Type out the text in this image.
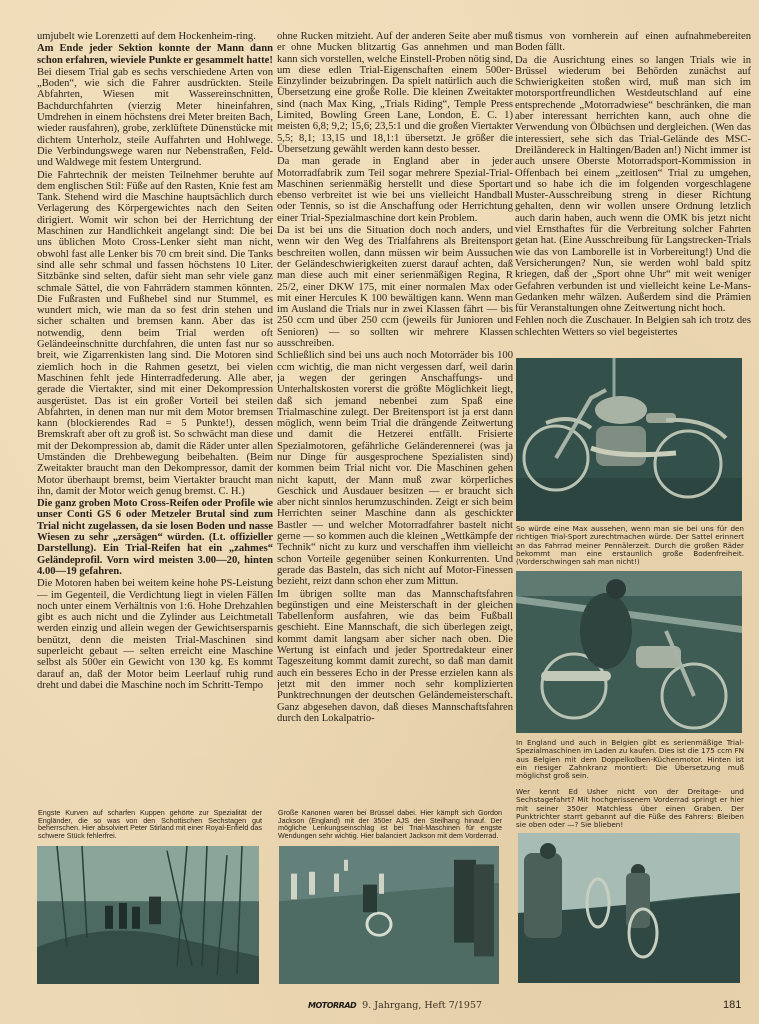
umjubelt wie Lorenzetti auf dem Hockenheim-ring.

Am Ende jeder Sektion konnte der Mann dann schon erfahren, wieviele Punkte er gesammelt hatte!

Bei diesem Trial gab es sechs verschiedene Arten von „Boden“, wie sich die Fahrer ausdrückten. Steile Abfahrten, Wiesen mit Wassereinschnitten, Bachdurchfahrten (vierzig Meter hineinfahren, Umdrehen in einem höchstens drei Meter breiten Bach, wieder rausfahren), grobe, zerklüftete Dünenstücke mit dichtem Unterholz, steile Auffahrten und Hohlwege. Die Verbindungswege waren nur Nebenstraßen, Feld- und Waldwege mit festem Untergrund.

Die Fahrtechnik der meisten Teilnehmer beruhte auf dem englischen Stil: Füße auf den Rasten, Knie fest am Tank. Stehend wird die Maschine hauptsächlich durch Verlagerung des Körpergewichtes nach den Seiten dirigiert. Womit wir schon bei der Herrichtung der Maschinen zur Handlichkeit angelangt sind: Die bei uns üblichen Moto Cross-Lenker sieht man nicht, obwohl fast alle Lenker bis 70 cm breit sind. Die Tanks sind alle sehr schmal und fassen höchstens 10 Liter. Sitzbänke sind selten, dafür sieht man sehr viele ganz schmale Sättel, die von Fahrrädern stammen könnten. Die Fußrasten und Fußhebel sind nur Stummel, es wundert mich, wie man da so fest drin stehen und sicher schalten und bremsen kann. Aber das ist notwendig, denn beim Trial werden oft Geländeeinschnitte durchfahren, die unten fast nur so breit, wie Zigarrenkisten lang sind. Die Motoren sind ziemlich hoch in die Rahmen gesetzt, bei vielen Maschinen fehlt jede Hinterradfederung. Alle aber, gerade die Viertakter, sind mit einer Dekompression ausgerüstet. Das ist ein großer Vorteil bei steilen Abfahrten, in denen man nur mit dem Motor bremsen kann (blockierendes Rad = 5 Punkte!), dessen Bremskraft aber oft zu groß ist. So schwächt man diese mit der Dekompression ab, damit die Räder unter allen Umständen die Drehbewegung beibehalten. (Beim Zweitakter braucht man den Dekompressor, damit der Motor überhaupt bremst, beim Viertakter braucht man ihn, damit der Motor weich genug bremst. C. H.)

Die ganz groben Moto Cross-Reifen oder Profile wie unser Conti GS 6 oder Metzeler Brutal sind zum Trial nicht zugelassen, da sie losen Boden und nasse Wiesen zu sehr „zersägen“ würden. (Lt. offizieller Darstellung). Ein Trial-Reifen hat ein „zahmes“ Geländeprofil. Vorn wird meisten 3.00—20, hinten 4.00—19 gefahren.

Die Motoren haben bei weitem keine hohe PS-Leistung — im Gegenteil, die Verdichtung liegt in vielen Fällen noch unter einem Verhältnis von 1:6. Hohe Drehzahlen gibt es auch nicht und die Zylinder aus Leichtmetall werden einzig und allein wegen der Gewichtsersparnis benützt, denn die meisten Trial-Maschinen sind superleicht gebaut — selten erreicht eine Maschine selbst als 500er ein Gewicht von 130 kg. Es kommt darauf an, daß der Motor beim Leerlauf ruhig rund dreht und dabei die Maschine noch im Schritt-Tempo

ohne Rucken mitzieht. Auf der anderen Seite aber muß er ohne Mucken blitzartig Gas annehmen und man kann sich vorstellen, welche Einstell-Proben nötig sind, um diese edlen Trial-Eigenschaften einem 500er-Einzylinder beizubringen. Da spielt natürlich auch die Übersetzung eine große Rolle. Die kleinen Zweitakter sind (nach Max King, „Trials Riding“, Temple Press Limited, Bowling Green Lane, London, E. C. 1) meisten 6,8; 9,2; 15,6; 23,5:1 und die großen Viertakter 5,5; 8,1; 13,15 und 18,1:1 übersetzt. Je größer die Übersetzung gewählt werden kann desto besser.

Da man gerade in England aber in jeder Motorradfabrik zum Teil sogar mehrere Spezial-Trial-Maschinen serienmäßig herstellt und diese Sportart ebenso verbreitet ist wie bei uns vielleicht Handball oder Tennis, so ist die Anschaffung oder Herrichtung einer Trial-Spezialmaschine dort kein Problem.

Da ist bei uns die Situation doch noch anders, und wenn wir den Weg des Trialfahrens als Breitensport beschreiten wollen, dann müssen wir beim Aussuchen der Geländeschwierigkeiten zuerst darauf achten, daß man diese auch mit einer serienmäßigen Regina, R 25/2, einer DKW 175, mit einer normalen Max oder mit einer Hercules K 100 bewältigen kann. Wenn man im Ausland die Trials nur in zwei Klassen fährt — bis 250 ccm und über 250 ccm (jeweils für Junioren und Senioren) — so sollten wir mehrere Klassen ausschreiben.

Schließlich sind bei uns auch noch Motorräder bis 100 ccm wichtig, die man nicht vergessen darf, weil darin ja wegen der geringen Anschaffungs- und Unterhaltskosten vorerst die größte Möglichkeit liegt, daß sich jemand nebenbei zum Spaß eine Trialmaschine zulegt. Der Breitensport ist ja erst dann möglich, wenn beim Trial die drängende Zeitwertung und damit die Hetzerei entfällt. Frisierte Spezialmotoren, gefährliche Geländerennerei (was ja nur Dinge für ausgesprochene Spezialisten sind) kommen beim Trial nicht vor. Die Maschinen gehen nicht kaputt, der Mann muß zwar körperliches Geschick und Ausdauer besitzen — er braucht sich aber nicht sinnlos herumzuschinden. Zeigt er sich beim Herrichten seiner Maschine dann als geschickter Bastler — und welcher Motorradfahrer bastelt nicht gerne — so kommen auch die kleinen „Wettkämpfe der Technik“ nicht zu kurz und verschaffen ihm vielleicht schon Vorteile gegenüber seinen Konkurrenten. Und gerade das Basteln, das sich nicht auf Motor-Finessen bezieht, reizt dann schon eher zum Mittun.

Im übrigen sollte man das Mannschaftsfahren begünstigen und eine Meisterschaft in der gleichen Tabellenform ausfahren, wie das beim Fußball geschieht. Eine Mannschaft, die sich überlegen zeigt, kommt damit langsam aber sicher nach oben. Die Wertung ist einfach und jeder Sportredakteur einer Tageszeitung kommt damit zurecht, so daß man damit auch ein besseres Echo in der Presse erzielen kann als jetzt mit den immer noch sehr komplizierten Punktrechnungen der deutschen Geländemeisterschaft. Ganz abgesehen davon, daß dieses Mannschaftsfahren durch den Lokalpatrio-

tismus von vornherein auf einen aufnahmebereiten Boden fällt.

Da die Ausrichtung eines so langen Trials wie in Brüssel wiederum bei Behörden zunächst auf Schwierigkeiten stoßen wird, muß man sich im motorsportfreundlichen Westdeutschland auf eine entsprechende „Motorradwiese“ beschränken, die man aber interessant herrichten kann, auch ohne die Verwendung von Ölbüchsen und dergleichen. (Wen das interessiert, sehe sich das Trial-Gelände des MSC-Dreiländereck in Haltingen/Baden an!) Nicht immer ist auch unsere Oberste Motorradsport-Kommission in Offenbach bei einem „zeitlosen“ Trial zu umgehen, und so habe ich die im folgenden vorgeschlagene Muster-Ausschreibung streng in dieser Richtung gehalten, denn wir wollen unsere Ordnung letzlich auch darin haben, auch wenn die OMK bis jetzt nicht viel Ernsthaftes für die Verbreitung solcher Fahrten getan hat. (Eine Ausschreibung für Langstrecken-Trials wie das von Lamborelle ist in Vorbereitung!) Und die Versicherungen? Nun, sie werden wohl bald spitz kriegen, daß der „Sport ohne Uhr“ mit weit weniger Gefahren verbunden ist und vielleicht keine Le-Mans-Gedanken mehr wälzen. Außerdem sind die Prämien für Veranstaltungen ohne Zeitwertung nicht hoch.

Fehlen noch die Zuschauer. In Belgien sah ich trotz des schlechten Wetters so viel begeistertes

So würde eine Max aussehen, wenn man sie bei uns für den richtigen Trial-Sport zurechtmachen würde. Der Sattel erinnert an das Fahrrad meiner Pennälerzeit. Durch die großen Räder bekommt man eine erstaunlich große Bodenfreiheit. (Vorderschwingen sah man nicht!)
In England und auch in Belgien gibt es serienmäßige Trial-Spezialmaschinen im Laden zu kaufen. Dies ist die 175 ccm FN aus Belgien mit dem Doppelkolben-Küchenmotor. Hinten ist ein riesiger Zahnkranz montiert: Die Übersetzung muß möglichst groß sein.
Wer kennt Ed Usher nicht von der Dreitage- und Sechstagefahrt? Mit hochgerissenem Vorderrad springt er hier mit seiner 350er Matchless über einen Graben. Der Punktrichter starrt gebannt auf die Füße des Fahrers: Bleiben sie oben oder —? Sie blieben!
Engste Kurven auf scharfen Kuppen gehörte zur Spezialität der Engländer, die so was von den Schottischen Sechstagen gut beherrschen. Hier absolviert Peter Stirland mit einer Royal-Enfield das schwere Stück fehlerfrei.
Große Kanonen waren bei Brüssel dabei. Hier kämpft sich Gordon Jackson (England) mit der 350er AJS den Steilhang hinauf. Der mögliche Lenkungseinschlag ist bei Trial-Maschinen für engste Wendungen sehr wichtig. Hier balanciert Jackson mit dem Vorderrad.
MOTORRAD 9. Jahrgang, Heft 7/1957	181
